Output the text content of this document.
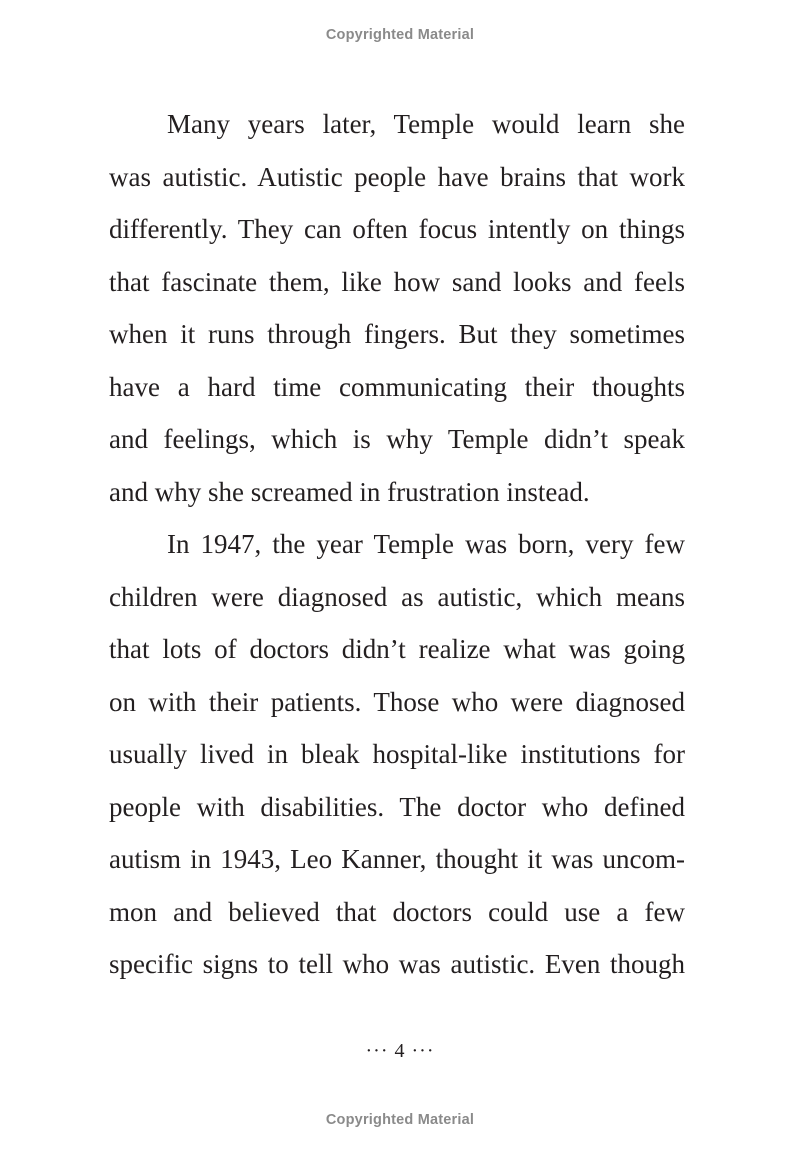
Copyrighted Material
Many years later, Temple would learn she
was autistic. Autistic people have brains that work
differently. They can often focus intently on things
that fascinate them, like how sand looks and feels
when it runs through fingers. But they sometimes
have a hard time communicating their thoughts
and feelings, which is why Temple didn’t speak
and why she screamed in frustration instead.
In 1947, the year Temple was born, very few
children were diagnosed as autistic, which means
that lots of doctors didn’t realize what was going
on with their patients. Those who were diagnosed
usually lived in bleak hospital-like institutions for
people with disabilities. The doctor who defined
autism in 1943, Leo Kanner, thought it was uncom-
mon and believed that doctors could use a few
specific signs to tell who was autistic. Even though
··· 4 ···
Copyrighted Material
